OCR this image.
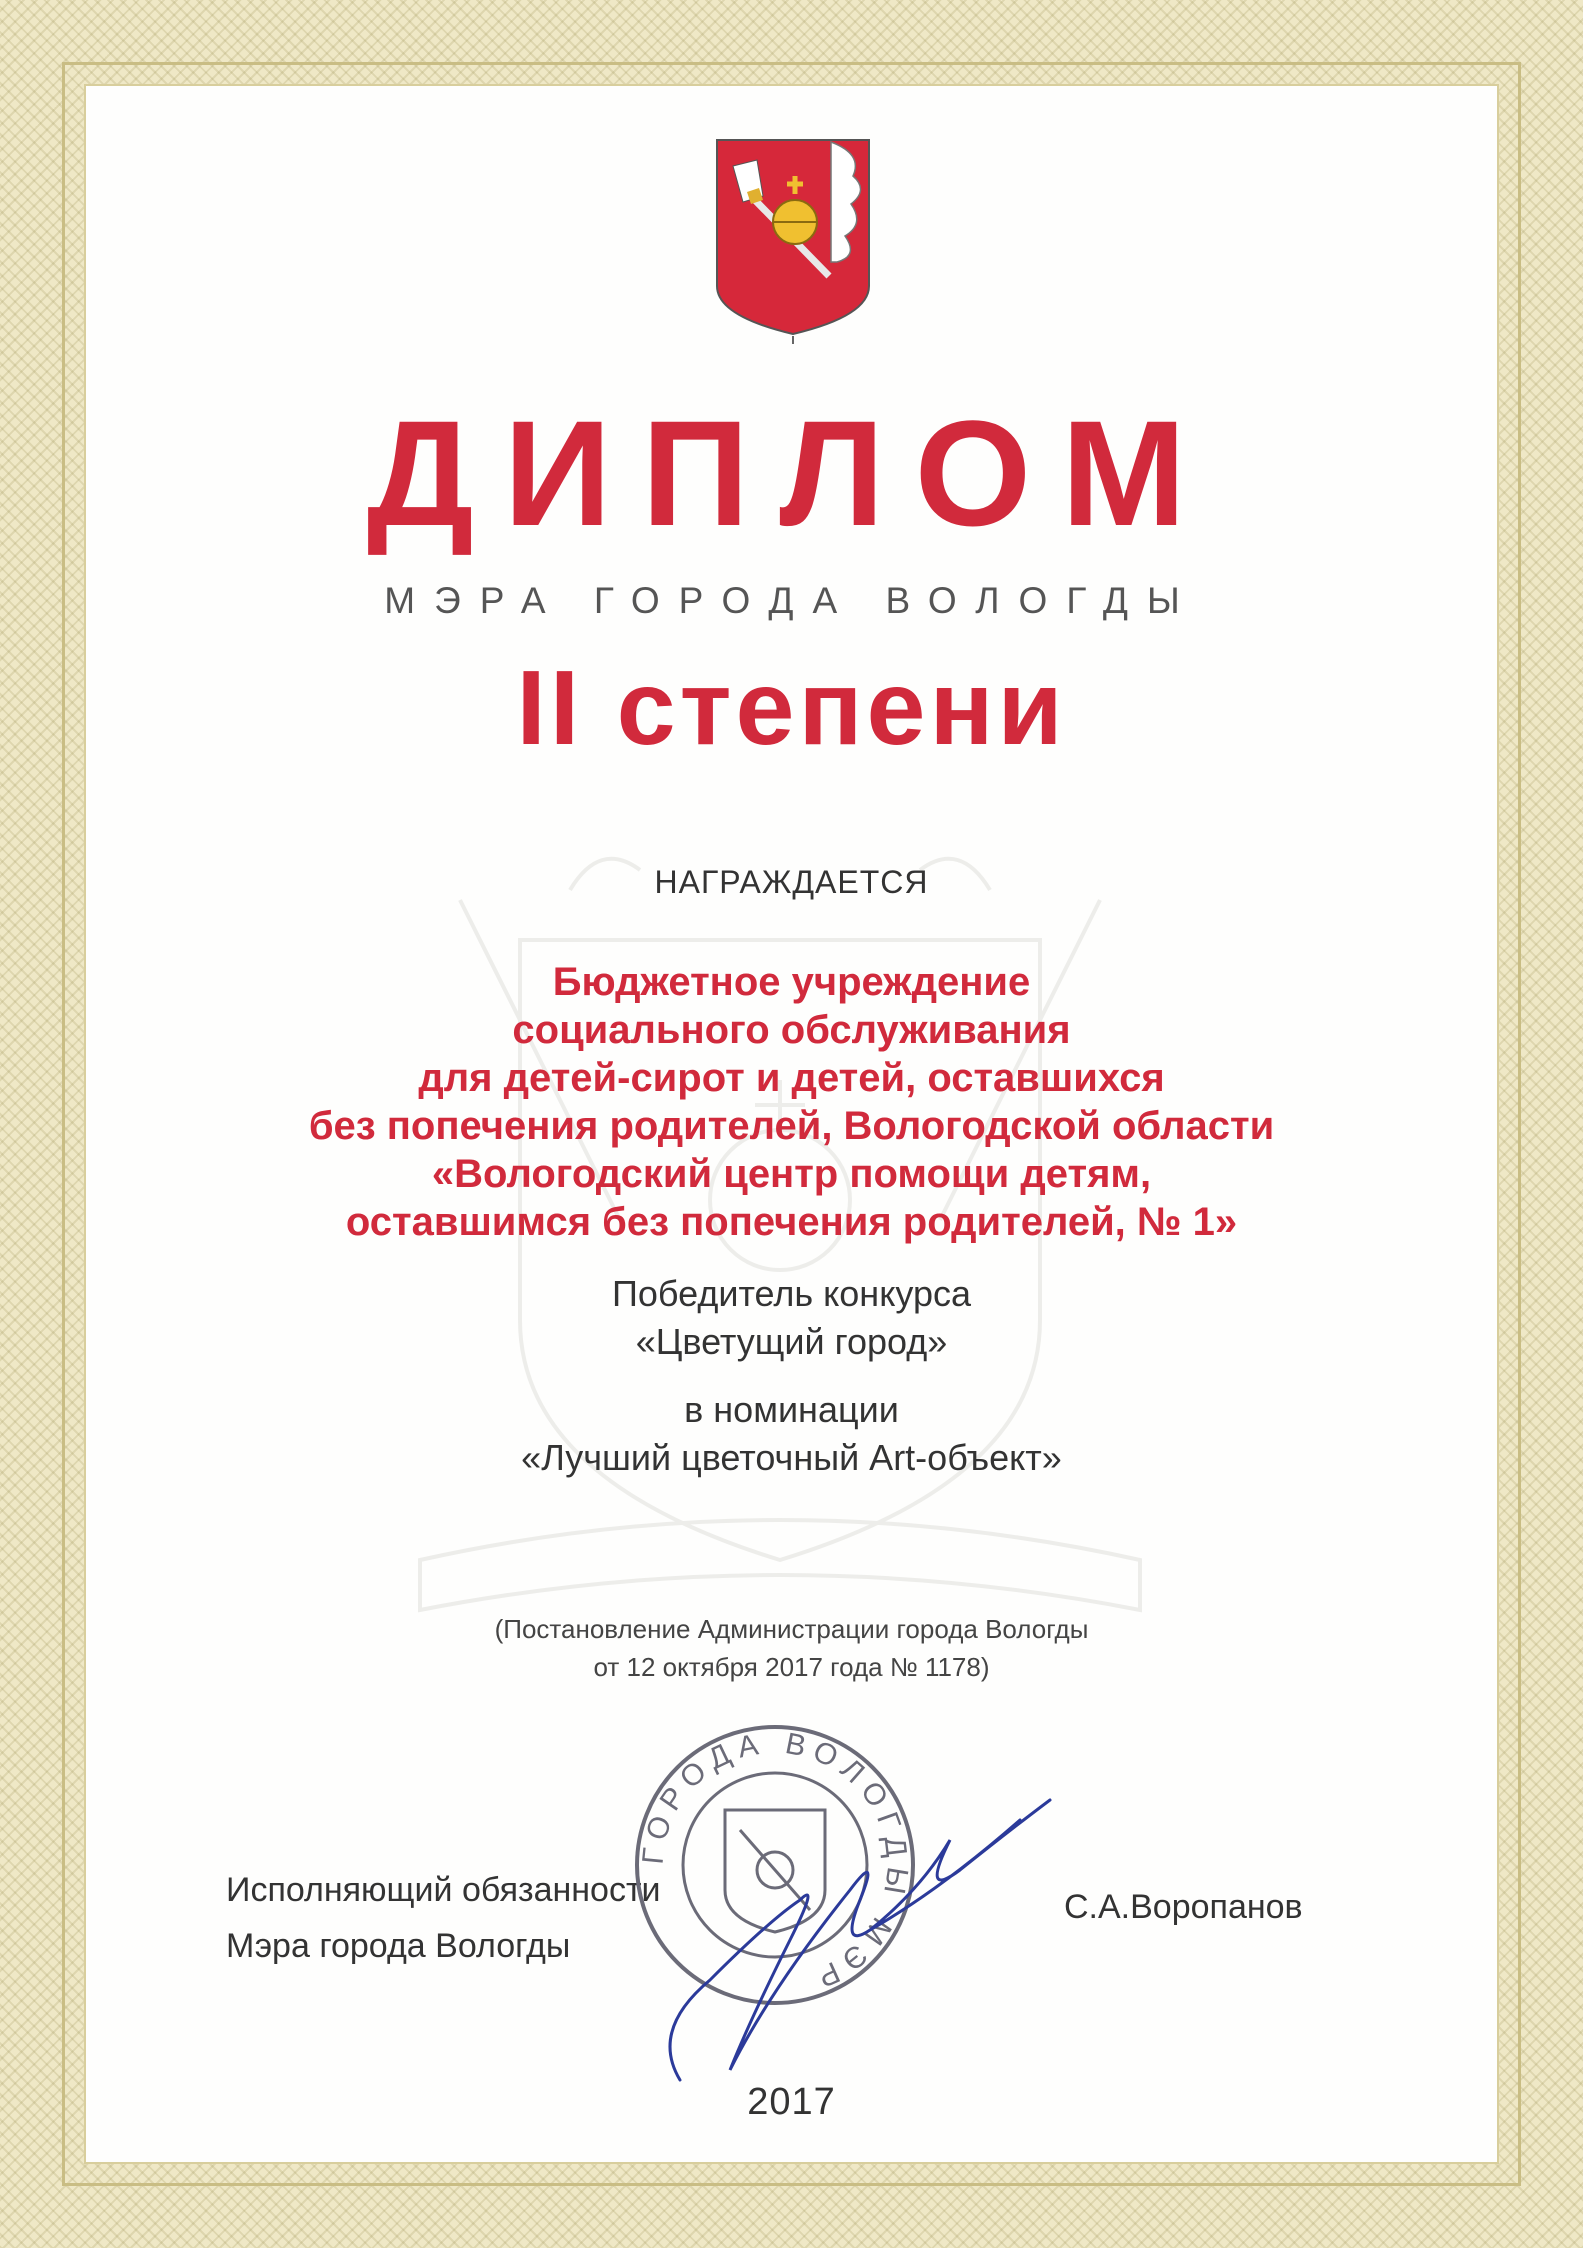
ДИПЛОМ
МЭРА ГОРОДА ВОЛОГДЫ
II степени
НАГРАЖДАЕТСЯ
Бюджетное учреждение
социального обслуживания
для детей-сирот и детей, оставшихся
без попечения родителей, Вологодской области
«Вологодский центр помощи детям,
оставшимся без попечения родителей, № 1»
Победитель конкурса
«Цветущий город»
в номинации
«Лучший цветочный Art-объект»
(Постановление Администрации города Вологды
от 12 октября 2017 года № 1178)
Исполняющий обязанности
Мэра города Вологды
С.А.Воропанов
ГОРОДА ВОЛОГДЫ МЭР
2017
